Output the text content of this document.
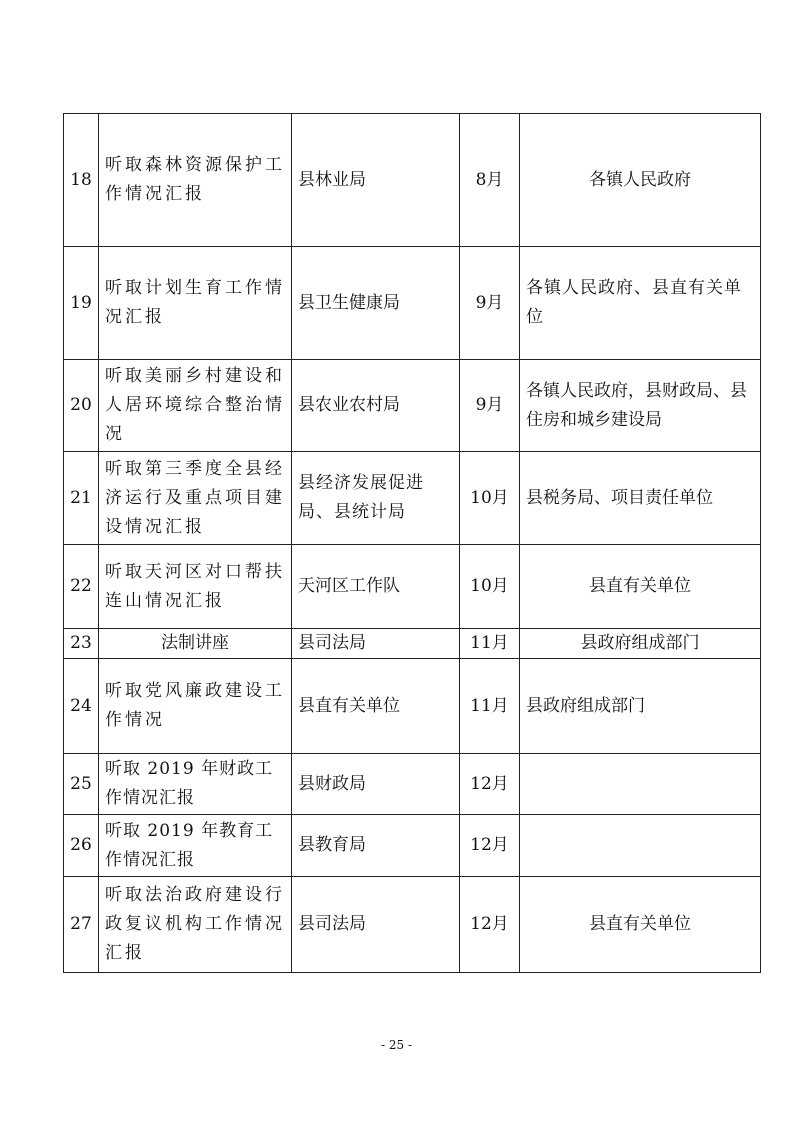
18	听取森林资源保护工作情况汇报	县林业局	8月	各镇人民政府
19	听取计划生育工作情况汇报	县卫生健康局	9月	各镇人民政府、县直有关单位
20	听取美丽乡村建设和人居环境综合整治情况	县农业农村局	9月	各镇人民政府，县财政局、县住房和城乡建设局
21	听取第三季度全县经济运行及重点项目建设情况汇报	县经济发展促进局、县统计局	10月	县税务局、项目责任单位
22	听取天河区对口帮扶连山情况汇报	天河区工作队	10月	县直有关单位
23	法制讲座	县司法局	11月	县政府组成部门
24	听取党风廉政建设工作情况	县直有关单位	11月	县政府组成部门
25	听取 2019 年财政工作情况汇报	县财政局	12月	
26	听取 2019 年教育工作情况汇报	县教育局	12月	
27	听取法治政府建设行政复议机构工作情况汇报	县司法局	12月	县直有关单位
- 25 -
